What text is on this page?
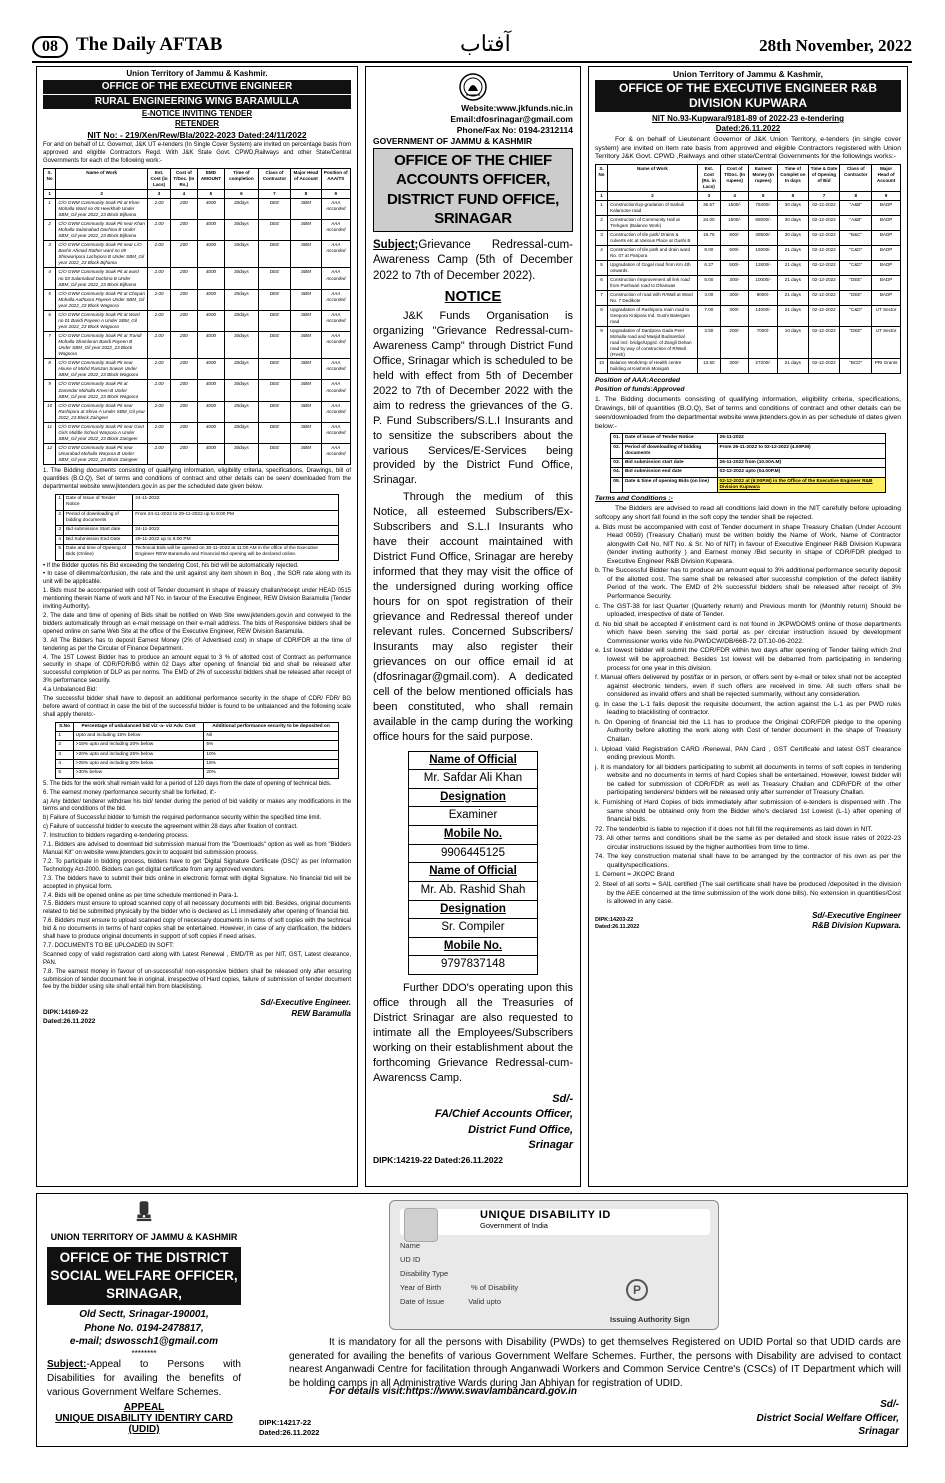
08 The Daily AFTAB	آفتاب	28th November, 2022
Union Territory of Jammu & Kashmir.
OFFICE OF THE EXECUTIVE ENGINEER
RURAL ENGINEERING WING BARAMULLA
E-NOTICE INVITING TENDER
RETENDER
NIT No: - 219/Xen/Rew/Bla/2022-2023 Dated:24/11/2022

For and on behalf of Lt. Governor, J&K UT e-tenders (In Single Cover System) are invited on percentage basis from approved and eligible Contractors Regd. With J&K State Govt. CPWD,Railways and other State/Central Governments for each of the following work:-

S. No	Name of Work	Est. Cost (in Lacs)	Cost of T/Doc. (In Rs.)	EMD AMOUNT	Time of completion	Class of Contractor	Major Head of Account	Position of AAA/TS
1	2	3	4	5	6	7	8	9
1	C/O GWM Community Soak Pit at Khan Mohalla Ward no 05 Heerkhah Under SBM_Gil year 2022_23 Block Bijhama	2.00	200	4000	30days	DEE	SBM	AAA Accorded
2	C/O GWM Community Soak Pit near Khan Mohalla Salamabad Dachina B Under SBM_Gil year 2022_23 Block Bijhama	2.00	200	4000	30days	DEE	SBM	AAA Accorded
3	C/O GWM Community Soak Pit near L/O Bashir Ahmad Rather ward no 05 Shinwaripora Lachipora B Under SBM_Gil year 2022_23 Block Bijhama	2.00	200	4000	30days	DEE	SBM	AAA Accorded
4	C/O GWM Community Soak Pit at ward no 03 Salamabad Dachina B Under SBM_Gil year 2022_23 Block Bijhama	2.00	200	4000	30days	DEE	SBM	AAA Accorded
5	C/O GWM Community Soak Pit at Chopan Mohalla Authoora Payeen Under SBM_Gil year 2022_23 Block Wagoora	2.00	200	4000	30days	DEE	SBM	AAA Accorded
6	C/O GWM Community Soak Pit at Ward no 01 Bandi Payeen A Under SBM_Gil year 2022_23 Block Wagoora	2.00	200	4000	30days	DEE	SBM	AAA Accorded
7	C/O GWM Community Soak Pit at Trandi Mohalla Shamloran Bandi Payeen B Under SBM_Gil year 2022_23 Block Wagoora	2.00	200	4000	30days	DEE	SBM	AAA Accorded
8	C/O GWM Community Soak Pit near House of Mohd Ramzan Sowan Under SBM_Gil year 2022_23 Block Wagoora	2.00	200	4000	30days	DEE	SBM	AAA Accorded
9	C/O GWM Community Soak Pit at Zamindar Mohalla Kreeri-B Under SBM_Gil year 2022_23 Block Wagoora	2.00	200	4000	30days	DEE	SBM	AAA Accorded
10	C/O GWM Community Soak Pit near Rashipora at Shiva-A Under SBM_Gil year 2022_23 Block Zaingeer	2.00	200	4000	30days	DEE	SBM	AAA Accorded
11	C/O GWM Community Soak Pit near Govt Girls Middle School Warpora A Under SBM_Gil year 2022_23 Block Zaingeer	2.00	200	4000	30days	DEE	SBM	AAA Accorded
12	C/O GWM Community Soak Pit near Umarabad Mohalla Warpora B Under SBM_Gil year 2022_23 Block Zaingeer	2.00	200	4000	30days	DEE	SBM	AAA Accorded

1. The Bidding documents consisting of qualifying information, eligibility criteria, specifications, Drawings, bill of quantities (B.O.Q), Set of terms and conditions of contract and other details can be seen/ downloaded from the departmental website www.jktenders.gov.in as per the scheduled date given below.

1	Date of Issue of Tender Notice	24-11-2022
2	Period of downloading of bidding documents	From 24-11-2022 to 29-11-2022 up to 6:00 PM
3	Bid submission Start date	24-11-2022
4	Bid Submission End Date	29-11-2022 up to 6:00 PM
5	Date and time of Opening of Bids (Online)	Technical Bids will be opened on 30-11-2022 at 11:00 AM in the office of the Executive Engineer REW Baramulla and Financial Bid opening will be declared online.

• If the Bidder quotes his Bid exceeding the tendering Cost, his bid will be automatically rejected.

• In case of dilemma/confusion, the rate and the unit against any item shown in Boq , the SOR rate along with its unit will be applicable.

1. Bids must be accompanied with cost of Tender document in shape of treasury challan/receipt under HEAD 0515 mentioning therein Name of work and NIT No. in favour of the Executive Engineer, REW Division Baramulla (Tender inviting Authority).

2. The date and time of opening of Bids shall be notified on Web Site www.jktenders.gov.in and conveyed to the bidders automatically through an e-mail message on their e-mail address. The bids of Responsive bidders shall be opened online on same Web Site at the office of the Executive Engineer, REW Division Baramulla.

3. All The Bidders has to deposit Earnest Money (2% of Advertised cost) in shape of CDR/FDR at the time of tendering as per the Circular of Finance Department.

4. The 1ST Lowest Bidder has to produce an amount equal to 3 % of allotted cost of Contract as performance security in shape of CDR/FDR/BG within 02 Days after opening of financial bid and shall be released after successful completion of DLP as per norms. The EMD of 2% of successful bidders shall be released after receipt of 3% performance security.

4.a Unbalanced Bid:

The successful bidder shall have to deposit an additional performance security in the shape of CDR/ FDR/ BG before award of contract in case the bid of the successful bidder is found to be unbalanced and the following scale shall apply thereto:-

S.No	Percentage of unbalanced bid viz -a- viz Adv. Cost	Additional performance security to be deposited on
1	Upto and including 15% below	Nil
2	>15% upto and including 20% below	5%
3	>20% upto and including 25% below	10%
4	>25% upto and including 30% below	15%
5	>30% below	20%

5. The bids for the work shall remain valid for a period of 120 days from the date of opening of technical bids.

6. The earnest money /performance security shall be forfeited, if:-

a) Any bidder/ tenderer withdraw his bid/ tender during the period of bid validity or makes any modifications in the terms and conditions of the bid.

b) Failure of Successful bidder to furnish the required performance security within the specified time limit.

c) Failure of successful bidder to execute the agreement within 28 days after fixation of contract.

7. Instruction to bidders regarding e-tendering process.

7.1. Bidders are advised to download bid submission manual from the "Downloads" option as well as from "Bidders Manual Kit" on website www.jktenders.gov.in to acquaint bid submission process.

7.2. To participate in bidding process, bidders have to get 'Digital Signature Certificate (DSC)' as per Information Technology Act-2000. Bidders can get digital certificate from any approved vendors.

7.3. The bidders have to submit their bids online in electronic format with digital Signature. No financial bid will be accepted in physical form.

7.4. Bids will be opened online as per time schedule mentioned in Para-1.

7.5. Bidders must ensure to upload scanned copy of all necessary documents with bid. Besides, original documents related to bid be submitted physically by the bidder who is declared as L1 immediately after opening of financial bid.

7.6. Bidders must ensure to upload scanned copy of necessary documents in terms of soft copies with the technical bid & no documents in terms of hard copies shall be entertained. However, in case of any clarification, the bidders shall have to produce original documents in support of soft copies if need arises.

7.7. DOCUMENTS TO BE UPLOADED IN SOFT:

Scanned copy of valid registration card along with Latest Renewal , EMD/TR as per NIT, GST, Latest clearance, PAN.

7.8. The earnest money in favour of un-successful/ non-responsive bidders shall be released only after ensuring submission of tender document fee in original, irrespective of Hard copies, failure of submission of tender document fee by the bidder using site shall entail him from blacklisting.

Sd/-Executive Engineer.
DIPK:14169-22
Dated:26.11.2022
REW Baramulla
Website:www.jkfunds.nic.in
Email:dfosrinagar@gmail.com
Phone/Fax No: 0194-2312114
GOVERNMENT OF JAMMU & KASHMIR
OFFICE OF THE CHIEF ACCOUNTS OFFICER, DISTRICT FUND OFFICE, SRINAGAR

Subject;Grievance Redressal-cum-Awareness Camp (5th of December 2022 to 7th of December 2022).

NOTICE

J&K Funds Organisation is organizing "Grievance Redressal-cum-Awareness Camp" through District Fund Office, Srinagar which is scheduled to be held with effect from 5th of December 2022 to 7th of December 2022 with the aim to redress the grievances of the G. P. Fund Subscribers/S.L.I Insurants and to sensitize the subscribers about the various Services/E-Services being provided by the District Fund Office, Srinagar.

Through the medium of this Notice, all esteemed Subscribers/Ex-Subscribers and S.L.I Insurants who have their account maintained with District Fund Office, Srinagar are hereby informed that they may visit the office of the undersigned during working office hours for on spot registration of their grievance and Redressal thereof under relevant rules. Concerned Subscribers/ Insurants may also register their grievances on our office email id at (dfosrinagar@gmail.com). A dedicated cell of the below mentioned officials has been constituted, who shall remain available in the camp during the working office hours for the said purpose.

Name of Official
Mr. Safdar Ali Khan
Designation
Examiner
Mobile No.
9906445125
Name of Official
Mr. Ab. Rashid Shah
Designation
Sr. Compiler
Mobile No.
9797837148

Further DDO's operating upon this office through all the Treasuries of District Srinagar are also requested to intimate all the Employees/Subscribers working on their establishment about the forthcoming Grievance Redressal-cum-Awarencss Camp.

Sd/-
FA/Chief Accounts Officer,
District Fund Office,
Srinagar
DIPK:14219-22 Dated:26.11.2022
Union Territory of Jammu & Kashmir,
OFFICE OF THE EXECUTIVE ENGINEER R&B DIVISION KUPWARA
NIT No.93-Kupwara/9181-89 of 2022-23 e-tendering
Dated:26.11.2022

For & on behalf of Lieutenant Governor of J&K Union Territory, e-tenders (in single cover system) are invited on item rate basis from approved and eligible Contractors registered with Union Territory J&K Govt. CPWD ,Railways and other state/Central Governments for the followings works:-

S. No	Name of Work	Est. Cost (Rs. in Lacs)	Cost of T/Doc. (In rupees)	Earnest Money (In rupees)	Time of Complet on In days	Time & Date of Opening of Bid	Class of Contractor	Major Head of Account
1	2	3	4	5	6	7	8	9
1	Construction/Up-gradation of Sarkuli Kalaroose road	36.57	1500/-	75400/-	30 days	02-12-2022	"A&B"	BADP
2	Construction of Community Hall at Trehgam (Balance Work)	34.00	1500/-	68000/-	30 days	02-12-2022	"A&B"	BADP
3	Construction of tile path/ Drains & culverts etc at Various Place at Gushi B	19.75	800/-	39500/-	30 days	02-12-2022	"B&C"	BADP
4	Construction of tile path and drain ward No. 07 at Paripora	8.00	500/-	16000/-	21 days	02-12-2022	"C&D"	BADP
5	Upgradation of Gogal road from Km 4th onwards.	6.27	500/-	12600/-	21 days	02-12-2022	"C&D"	BADP
6	Construction /Improvement all link road from Pushwari road to Dhanwas	5.00	300/-	10000/-	21 days	02-12-2022	"DEE"	BADP
7	Construction of road with R/Wall at Ward No. 7 Dedikote	4.00	300/-	8000/-	21 days	02-12-2022	"DEE"	BADP
8	Upgradation of Rashipora main road to Geepora Kralpora Ind. Gushi Batergam road	7.00	300/-	14000/-	21 days	02-12-2022	"C&D"	UT Sector
9	Upgradation of Dardpora Gada Peer Mohalla road and Masjid Budnambal road incl. bridge/Upgrd. of Zangli Dehan road by way of construction of R/Wall. (Fresh)	3.50	200/-	7000/-	10 days	02-12-2022	"DEE"	UT Sector
10	Balance Work/Imp of Health centre building at Kashmiri Monigah	13.60	300/-	27200/-	21 days	02-12-2022	"BCD"	PRI Grants
Position of AAA:Accorded
Position of funds:Approved

1. The Bidding documents consisting of qualifying information, eligibility criteria, specifications, Drawings, bill of quantities (B.O.Q), Set of terms and conditions of contract and other details can be seen/downloaded from the departmental website www.jktenders.gov.in as per schedule of dates given below:-

01.	Date of issue of Tender Notice	26-11-2022
02.	Period of downloading of bidding documents	From 26-11-2022 to 02-12-2022 (4.00P.M)
03.	Bid submission start date	26-11-2022 from (10.00A.M)
04.	Bid submission end date	02-12-2022 upto (04.00P.M)
05.	Date & time of opening Bids (on line)	02-12-2022 at (6:00P.M) in the Office of the Executive Engineer R&B Division Kupwara
Terms and Conditions :-

The Bidders are advised to read all conditions laid down in the NIT carefully before uploading softcopy any short fall found in the soft copy the tender shall be rejected.

a. Bids must be accompanied with cost of Tender document in shape Treasury Challan (Under Account Head 0059) (Treasury Challan) must be written boldly the Name of Work, Name of Contractor alongwith Cell No, NIT No. & Sr. No of NIT) in favour of Executive Engineer R&B Division Kupwara (tender inviting authority ) and Earnest money /Bid security in shape of CDR/FDR pledged to Executive Engineer R&B Division Kupwara.

b. The Successful Bidder has to produce an amount equal to 3% additional performance security deposit of the allotted cost. The same shall be released after successful completion of the defect liability Period of the work. The EMD of 2% successful bidders shall be released after receipt of 3% Performance Security.

c. The GST-38 for last Quarter (Quarterly return) and Previous month for (Monthly return) Should be uploaded, irrespective of date of Tender.

d. No bid shall be accepted if enlistment card is not found in JKPWDOMS online of those departments which have been serving the said portal as per circular instruction issued by development Commissioner works vide No.PW/DCW/DB/66B-72 DT.10-06-2022.

e. 1st lowest bidder will submit the CDR/FDR within two days after opening of Tender failing which 2nd lowest will be approached. Besides 1st lowest will be debarred from participating in tendering process for one year in this division.

f. Manual offers delivered by post/fax or in person, or offers sent by e-mail or telex shall not be accepted against electronic tenders, even if such offers are received in time. All such offers shall be considered as invalid offers and shall be rejected summarily, without any consideration.

g. In case the L-1 fails deposit the requisite document, the action against the L-1 as per PWD rules leading to blacklisting of contractor.

h. On Opening of financial bid the L1 has to produce the Original CDR/FDR pledge to the opening Authority before allotting the work along with Cost of tender document in the shape of Treasury Challan.

i. Upload Valid Registration CARD /Renewal, PAN Card , GST Certificate and latest GST clearance ending previous Month.

j. It is mandatory for all bidders participating to submit all documents in terms of soft copies in tendering website and no documents in terms of hard Copies shall be entertained. However, lowest bidder will be called for submission of CDR/FDR as well as Treasury Challan and CDR/FDR of the other participating tenderers/ bidders will be released only after surrender of Treasury Challan.

k. Furnishing of Hard Copies of bids immediately after submission of e-tenders is dispensed with .The same should be obtained only from the Bidder who's declared 1st Lowest (L-1) after opening of financial bids.

72. The tender/bid is liable to rejection if it does not full fill the requirements as laid down in NIT.

73. All other terms and conditions shall be the same as per detailed and stock issue rates of 2022-23 circular instructions issued by the higher authorities from time to time.

74. The key construction material shall have to be arranged by the contractor of his own as per the quality/specifications.

1. Cement = JKOPC Brand

2. Steel of all sorts = SAIL certified (The sail certificate shall have be produced /deposited in the division by the AEE concerned at the time submission of the work done bills). No extension in quantities/Cost is allowed in any case.

DIPK:14203-22
Dated:26.11.2022
Sd/-Executive Engineer
R&B Division Kupwara.
UNION TERRITORY OF JAMMU & KASHMIR
OFFICE OF THE DISTRICT SOCIAL WELFARE OFFICER, SRINAGAR,
Old Sectt, Srinagar-190001,
Phone No. 0194-2478817,
e-mail; dswossch1@gmail.com
********

Subject:-Appeal to Persons with Disabilities for availing the benefits of various Government Welfare Schemes.

APPEAL
UNIQUE DISABILITY IDENTIRY CARD (UDID)
UNIQUE DISABILITY ID
Government of India
Name
UD ID
Disability Type
Year of Birth	% of Disability
Date of Issue	Valid upto
P
Issuing Authority Sign
It is mandatory for all the persons with Disability (PWDs) to get themselves Registered on UDID Portal so that UDID cards are generated for availing the benefits of various Government Welfare Schemes. Further, the persons with Disability are advised to contact nearest Anganwadi Centre for facilitation through Anganwadi Workers and Common Service Centre's (CSCs) of IT Department which will be holding camps in all Administrative Wards during Jan Abhiyan for registration of UDID.
For details visit:https://www.swavlambancard.gov.in
DIPK:14217-22
Dated:26.11.2022
Sd/-
District Social Welfare Officer,
Srinagar
